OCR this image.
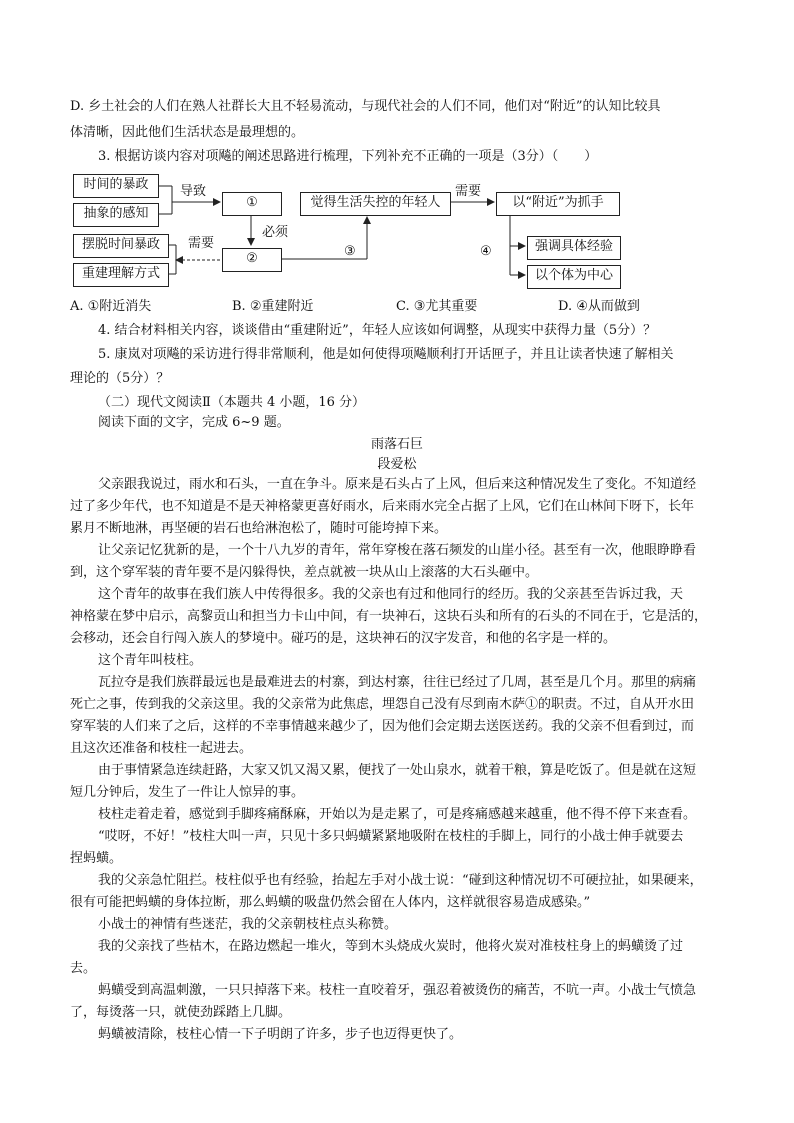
D. 乡土社会的人们在熟人社群长大且不轻易流动，与现代社会的人们不同，他们对“附近”的认知比较具
体清晰，因此他们生活状态是最理想的。
3. 根据访谈内容对项飚的阐述思路进行梳理，下列补充不正确的一项是（3分）（　　）
时间的暴政
抽象的感知
①
②
摆脱时间暴政
重建理解方式
觉得生活失控的年轻人	以“附近”为抓手
强调具体经验
以个体为中心
导致
必须
需要
需要
③	④
A. ①附近消失	B. ②重建附近	C. ③尤其重要	D. ④从而做到
4. 结合材料相关内容，谈谈借由“重建附近”，年轻人应该如何调整，从现实中获得力量（5分）？
5. 康岚对项飚的采访进行得非常顺利，他是如何使得项飚顺利打开话匣子，并且让读者快速了解相关
理论的（5分）？
（二）现代文阅读Ⅱ（本题共 4 小题，16 分）
阅读下面的文字，完成 6~9 题。
雨落石巨
段爱松
父亲跟我说过，雨水和石头，一直在争斗。原来是石头占了上风，但后来这种情况发生了变化。不知道经
过了多少年代，也不知道是不是天神格蒙更喜好雨水，后来雨水完全占据了上风，它们在山林间下呀下，长年
累月不断地淋，再坚硬的岩石也给淋泡松了，随时可能垮掉下来。
让父亲记忆犹新的是，一个十八九岁的青年，常年穿梭在落石频发的山崖小径。甚至有一次，他眼睁睁看
到，这个穿军装的青年要不是闪躲得快，差点就被一块从山上滚落的大石头砸中。
这个青年的故事在我们族人中传得很多。我的父亲也有过和他同行的经历。我的父亲甚至告诉过我，天
神格蒙在梦中启示，高黎贡山和担当力卡山中间，有一块神石，这块石头和所有的石头的不同在于，它是活的，
会移动，还会自行闯入族人的梦境中。碰巧的是，这块神石的汉字发音，和他的名字是一样的。
这个青年叫枝柱。
瓦拉夺是我们族群最远也是最难进去的村寨，到达村寨，往往已经过了几周，甚至是几个月。那里的病痛
死亡之事，传到我的父亲这里。我的父亲常为此焦虑，埋怨自己没有尽到南木萨①的职责。不过，自从开水田
穿军装的人们来了之后，这样的不幸事情越来越少了，因为他们会定期去送医送药。我的父亲不但看到过，而
且这次还准备和枝柱一起进去。
由于事情紧急连续赶路，大家又饥又渴又累，便找了一处山泉水，就着干粮，算是吃饭了。但是就在这短
短几分钟后，发生了一件让人惊异的事。
枝柱走着走着，感觉到手脚疼痛酥麻，开始以为是走累了，可是疼痛感越来越重，他不得不停下来查看。
“哎呀，不好！”枝柱大叫一声，只见十多只蚂蟥紧紧地吸附在枝柱的手脚上，同行的小战士伸手就要去
捏蚂蟥。
我的父亲急忙阻拦。枝柱似乎也有经验，抬起左手对小战士说：“碰到这种情况切不可硬拉扯，如果硬来，
很有可能把蚂蟥的身体拉断，那么蚂蟥的吸盘仍然会留在人体内，这样就很容易造成感染。”
小战士的神情有些迷茫，我的父亲朝枝柱点头称赞。
我的父亲找了些枯木，在路边燃起一堆火，等到木头烧成火炭时，他将火炭对准枝柱身上的蚂蟥烫了过
去。
蚂蟥受到高温刺激，一只只掉落下来。枝柱一直咬着牙，强忍着被烫伤的痛苦，不吭一声。小战士气愤急
了，每烫落一只，就使劲踩踏上几脚。
蚂蟥被清除，枝柱心情一下子明朗了许多，步子也迈得更快了。
